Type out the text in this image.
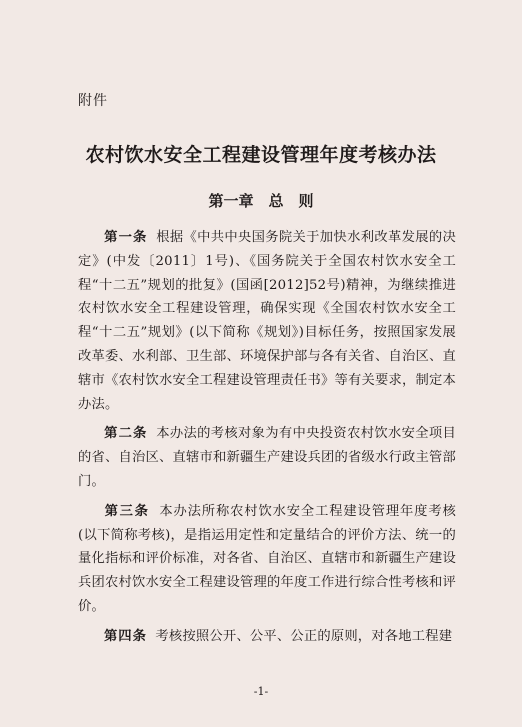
附件
农村饮水安全工程建设管理年度考核办法
第一章　总　则

第一条 根据《中共中央国务院关于加快水利改革发展的决定》(中发〔2011〕1号)、《国务院关于全国农村饮水安全工程“十二五”规划的批复》(国函[2012]52号)精神，为继续推进农村饮水安全工程建设管理，确保实现《全国农村饮水安全工程“十二五”规划》(以下简称《规划》)目标任务，按照国家发展改革委、水利部、卫生部、环境保护部与各有关省、自治区、直辖市《农村饮水安全工程建设管理责任书》等有关要求，制定本办法。

第二条 本办法的考核对象为有中央投资农村饮水安全项目的省、自治区、直辖市和新疆生产建设兵团的省级水行政主管部门。

第三条 本办法所称农村饮水安全工程建设管理年度考核(以下简称考核)，是指运用定性和定量结合的评价方法、统一的量化指标和评价标准，对各省、自治区、直辖市和新疆生产建设兵团农村饮水安全工程建设管理的年度工作进行综合性考核和评价。

第四条 考核按照公开、公平、公正的原则，对各地工程建

-1-
